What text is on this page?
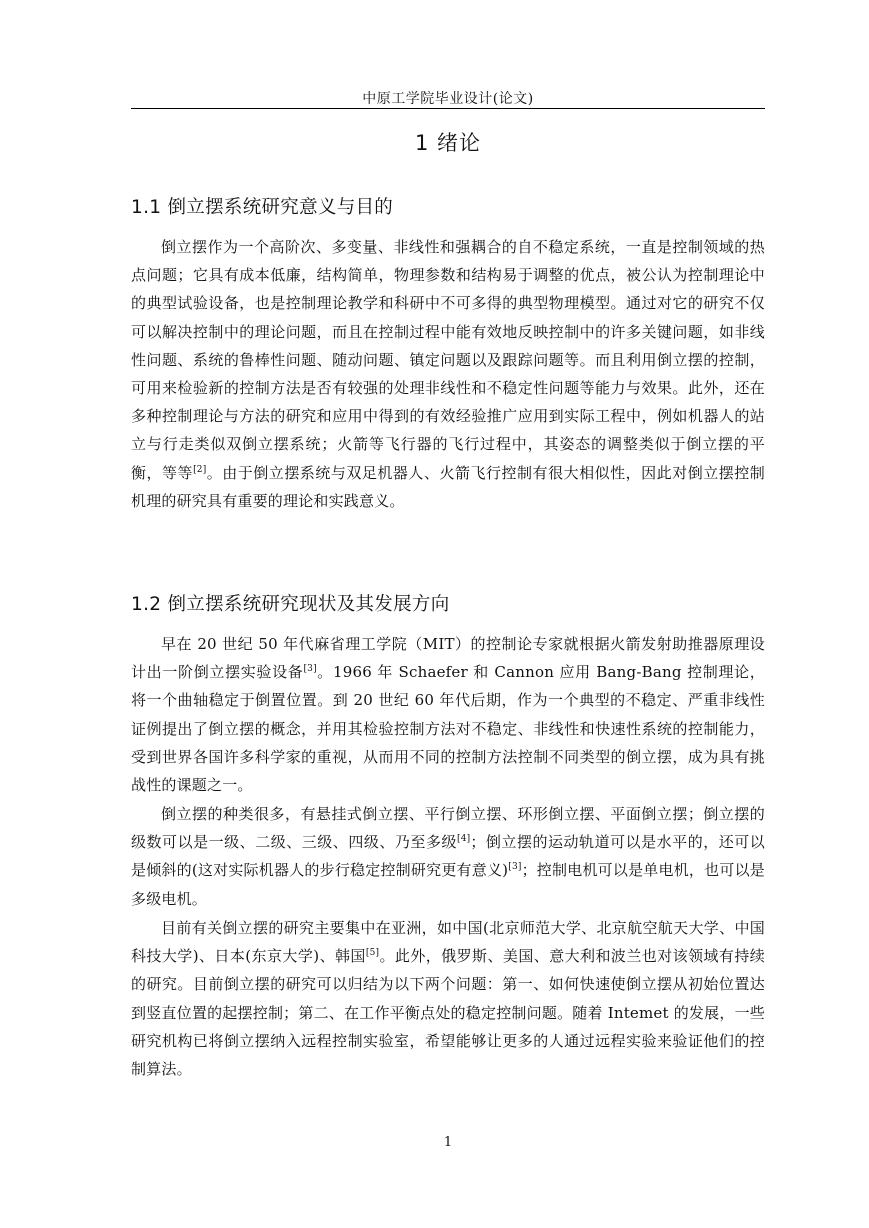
中原工学院毕业设计(论文)
1 绪论
1.1 倒立摆系统研究意义与目的

倒立摆作为一个高阶次、多变量、非线性和强耦合的自不稳定系统，一直是控制领域的热点问题；它具有成本低廉，结构简单，物理参数和结构易于调整的优点，被公认为控制理论中的典型试验设备，也是控制理论教学和科研中不可多得的典型物理模型。通过对它的研究不仅可以解决控制中的理论问题，而且在控制过程中能有效地反映控制中的许多关键问题，如非线性问题、系统的鲁棒性问题、随动问题、镇定问题以及跟踪问题等。而且利用倒立摆的控制，可用来检验新的控制方法是否有较强的处理非线性和不稳定性问题等能力与效果。此外，还在多种控制理论与方法的研究和应用中得到的有效经验推广应用到实际工程中，例如机器人的站立与行走类似双倒立摆系统；火箭等飞行器的飞行过程中，其姿态的调整类似于倒立摆的平衡，等等[2]。由于倒立摆系统与双足机器人、火箭飞行控制有很大相似性，因此对倒立摆控制机理的研究具有重要的理论和实践意义。

1.2 倒立摆系统研究现状及其发展方向

早在 20 世纪 50 年代麻省理工学院（MIT）的控制论专家就根据火箭发射助推器原理设计出一阶倒立摆实验设备[3]。1966 年 Schaefer 和 Cannon 应用 Bang-Bang 控制理论，将一个曲轴稳定于倒置位置。到 20 世纪 60 年代后期，作为一个典型的不稳定、严重非线性证例提出了倒立摆的概念，并用其检验控制方法对不稳定、非线性和快速性系统的控制能力，受到世界各国许多科学家的重视，从而用不同的控制方法控制不同类型的倒立摆，成为具有挑战性的课题之一。

倒立摆的种类很多，有悬挂式倒立摆、平行倒立摆、环形倒立摆、平面倒立摆；倒立摆的级数可以是一级、二级、三级、四级、乃至多级[4]；倒立摆的运动轨道可以是水平的，还可以是倾斜的(这对实际机器人的步行稳定控制研究更有意义)[3]；控制电机可以是单电机，也可以是多级电机。

目前有关倒立摆的研究主要集中在亚洲，如中国(北京师范大学、北京航空航天大学、中国科技大学)、日本(东京大学)、韩国[5]。此外，俄罗斯、美国、意大利和波兰也对该领域有持续的研究。目前倒立摆的研究可以归结为以下两个问题：第一、如何快速使倒立摆从初始位置达到竖直位置的起摆控制；第二、在工作平衡点处的稳定控制问题。随着 Intemet 的发展，一些研究机构已将倒立摆纳入远程控制实验室，希望能够让更多的人通过远程实验来验证他们的控制算法。

1
